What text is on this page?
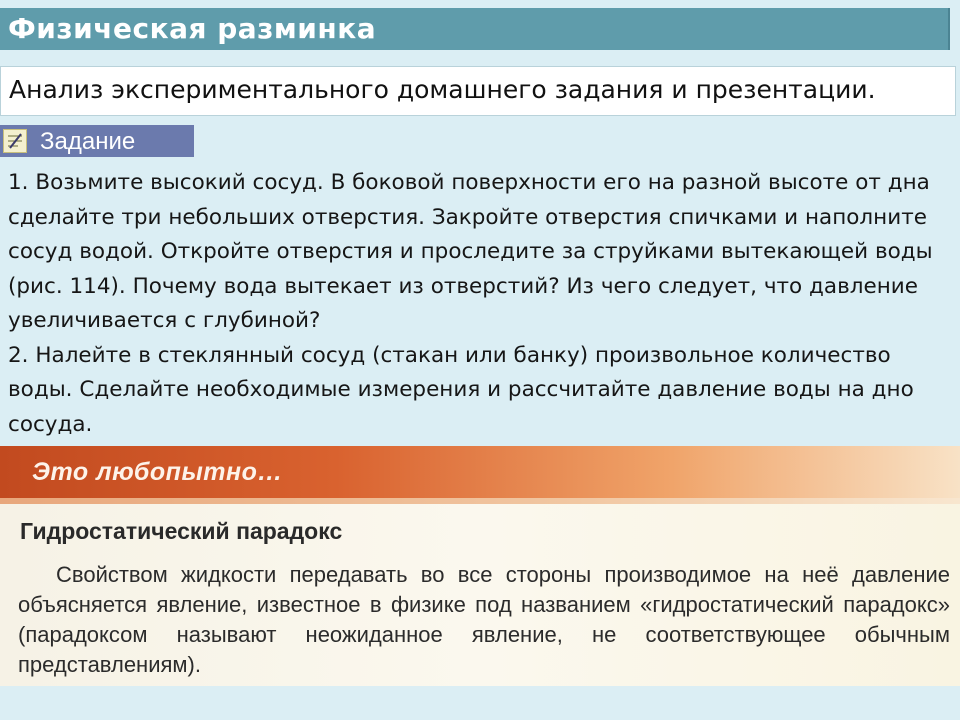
Физическая разминка
Анализ экспериментального домашнего задания и презентации.
Задание

1. Возьмите высокий сосуд. В боковой поверхности его на разной высоте от дна сделайте три небольших отверстия. Закройте отверстия спичками и наполните сосуд водой. Откройте отверстия и проследите за струйками вытекающей воды (рис. 114). Почему вода вытекает из отверстий? Из чего следует, что давление увеличивается с глубиной?

2. Налейте в стеклянный сосуд (стакан или банку) произвольное количество воды. Сделайте необходимые измерения и рассчитайте давление воды на дно сосуда.

Это любопытно…
Гидростатический парадокс
Свойством жидкости передавать во все стороны производимое на неё давление объясняется явление, известное в физике под названием «гидростатический парадокс» (парадоксом называют неожиданное явление, не соответствующее обычным представлениям).
